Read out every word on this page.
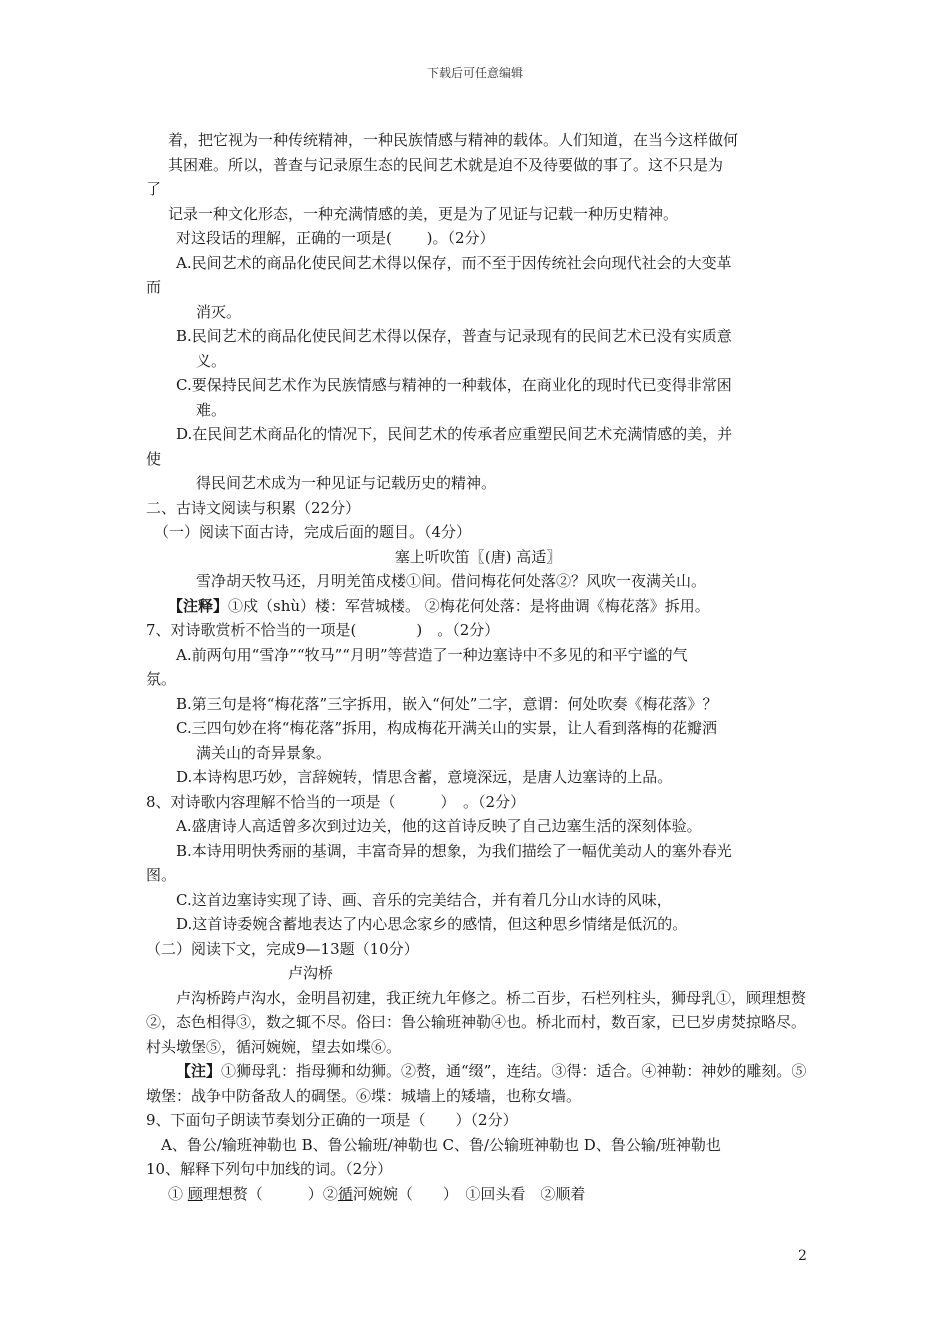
下载后可任意编辑
着，把它视为一种传统精神，一种民族情感与精神的载体。人们知道，在当今这样做何
其困难。所以，普查与记录原生态的民间艺术就是迫不及待要做的事了。这不只是为
了
记录一种文化形态，一种充满情感的美，更是为了见证与记载一种历史精神。
对这段话的理解，正确的一项是(　　 )。（2分）
A.民间艺术的商品化使民间艺术得以保存，而不至于因传统社会向现代社会的大变革
而
消灭。
B.民间艺术的商品化使民间艺术得以保存，普查与记录现有的民间艺术已没有实质意
义。
C.要保持民间艺术作为民族情感与精神的一种载体，在商业化的现时代已变得非常困
难。
D.在民间艺术商品化的情况下，民间艺术的传承者应重塑民间艺术充满情感的美，并
使
得民间艺术成为一种见证与记载历史的精神。
二、古诗文阅读与积累（22分）
（一）阅读下面古诗，完成后面的题目。（4分）
塞上听吹笛〖(唐) 高适〗
雪净胡天牧马还，月明羌笛戍楼①间。借问梅花何处落②？风吹一夜满关山。
【注释】①戍（shù）楼：军营城楼。 ②梅花何处落：是将曲调《梅花落》拆用。
7、对诗歌赏析不恰当的一项是(　　　　)　。（2分）
A.前两句用“雪净”“牧马”“月明”等营造了一种边塞诗中不多见的和平宁谧的气
氛。
B.第三句是将“梅花落”三字拆用，嵌入“何处”二字，意谓：何处吹奏《梅花落》？
C.三四句妙在将“梅花落”拆用，构成梅花开满关山的实景，让人看到落梅的花瓣洒
满关山的奇异景象。
D.本诗构思巧妙，言辞婉转，情思含蓄，意境深远，是唐人边塞诗的上品。
8、对诗歌内容理解不恰当的一项是（　　　）　。（2分）
A.盛唐诗人高适曾多次到过边关，他的这首诗反映了自己边塞生活的深刻体验。
B.本诗用明快秀丽的基调，丰富奇异的想象，为我们描绘了一幅优美动人的塞外春光
图。
C.这首边塞诗实现了诗、画、音乐的完美结合，并有着几分山水诗的风味，
D.这首诗委婉含蓄地表达了内心思念家乡的感情，但这种思乡情绪是低沉的。
（二）阅读下文，完成9—13题（10分）
卢沟桥
卢沟桥跨卢沟水，金明昌初建，我正统九年修之。桥二百步，石栏列柱头，狮母乳①，顾理想赘②，态色相得③，数之辄不尽。俗曰：鲁公输班神勒④也。桥北而村，数百家，已巳岁虏焚掠略尽。村头墩堡⑤，循河婉婉，望去如堞⑥。
【注】①狮母乳：指母狮和幼狮。②赘，通“缀”，连结。③得：适合。④神勒：神妙的雕刻。⑤墩堡：战争中防备敌人的碉堡。⑥堞：城墙上的矮墙，也称女墙。
9、下面句子朗读节奏划分正确的一项是（　　）（2分）
A、鲁公/输班神勒也 B、鲁公输班/神勒也 C、鲁/公输班神勒也 D、鲁公输/班神勒也
10、解释下列句中加线的词。（2分）
① 顾理想赘（　　　）②循河婉婉（　　）　①回头看　②顺着
2
